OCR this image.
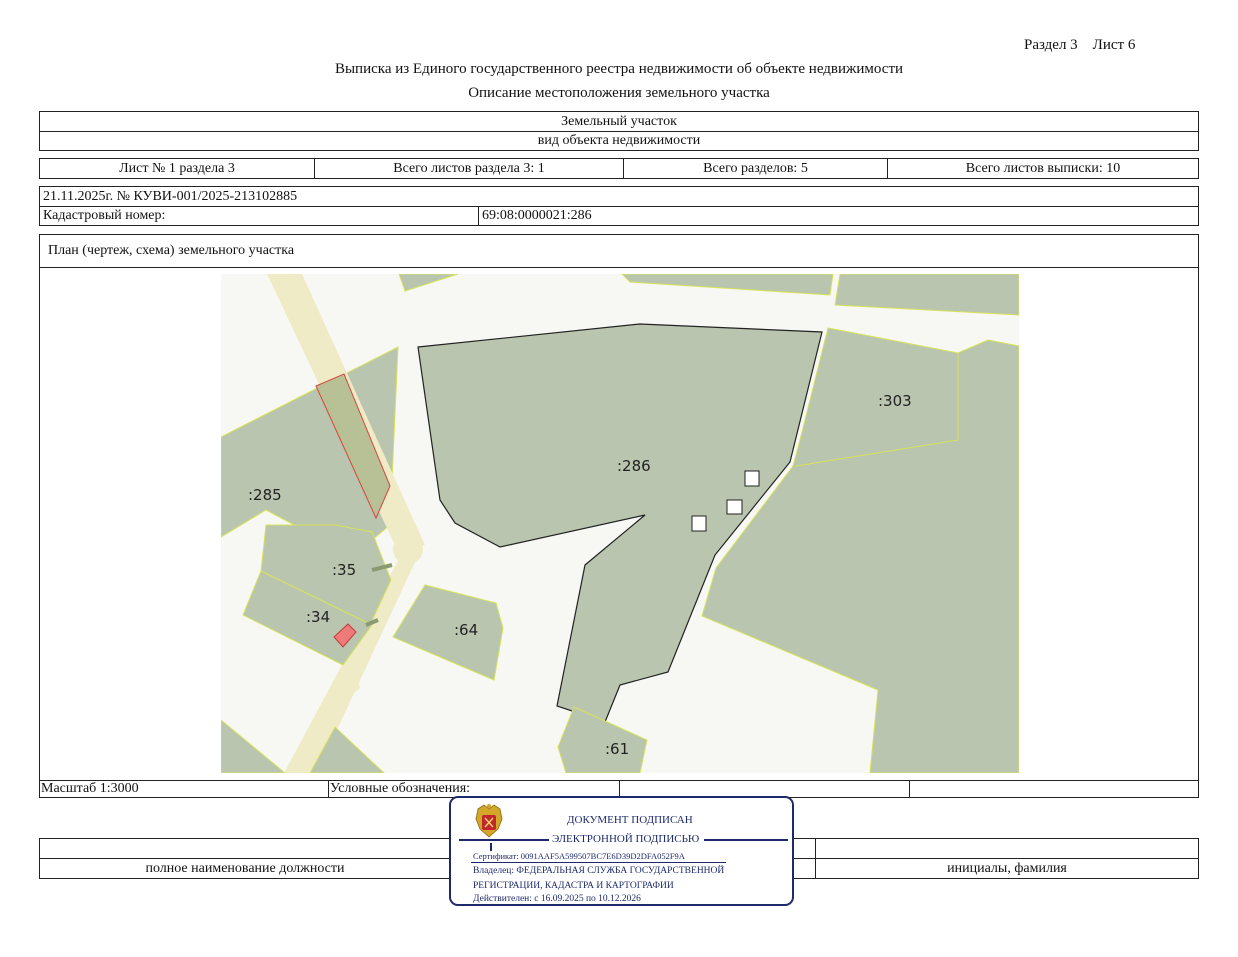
Раздел 3    Лист 6
Выписка из Единого государственного реестра недвижимости об объекте недвижимости
Описание местоположения земельного участка
Земельный участок
вид объекта недвижимости
Лист № 1 раздела 3	Всего листов раздела 3: 1	Всего разделов: 5	Всего листов выписки: 10
21.11.2025г. № КУВИ-001/2025-213102885
Кадастровый номер:	69:08:0000021:286
План (чертеж, схема) земельного участка
:286
:303
:285
:35
:34
:64
:61
Масштаб 1:3000	Условные обозначения:
полное наименование должности	инициалы, фамилия
ДОКУМЕНТ ПОДПИСАН
ЭЛЕКТРОННОЙ ПОДПИСЬЮ
Сертификат: 0091AAF5A599507BC7E6D39D2DFA052F9A
Владелец: ФЕДЕРАЛЬНАЯ СЛУЖБА ГОСУДАРСТВЕННОЙ
РЕГИСТРАЦИИ, КАДАСТРА И КАРТОГРАФИИ
Действителен: с 16.09.2025 по 10.12.2026
